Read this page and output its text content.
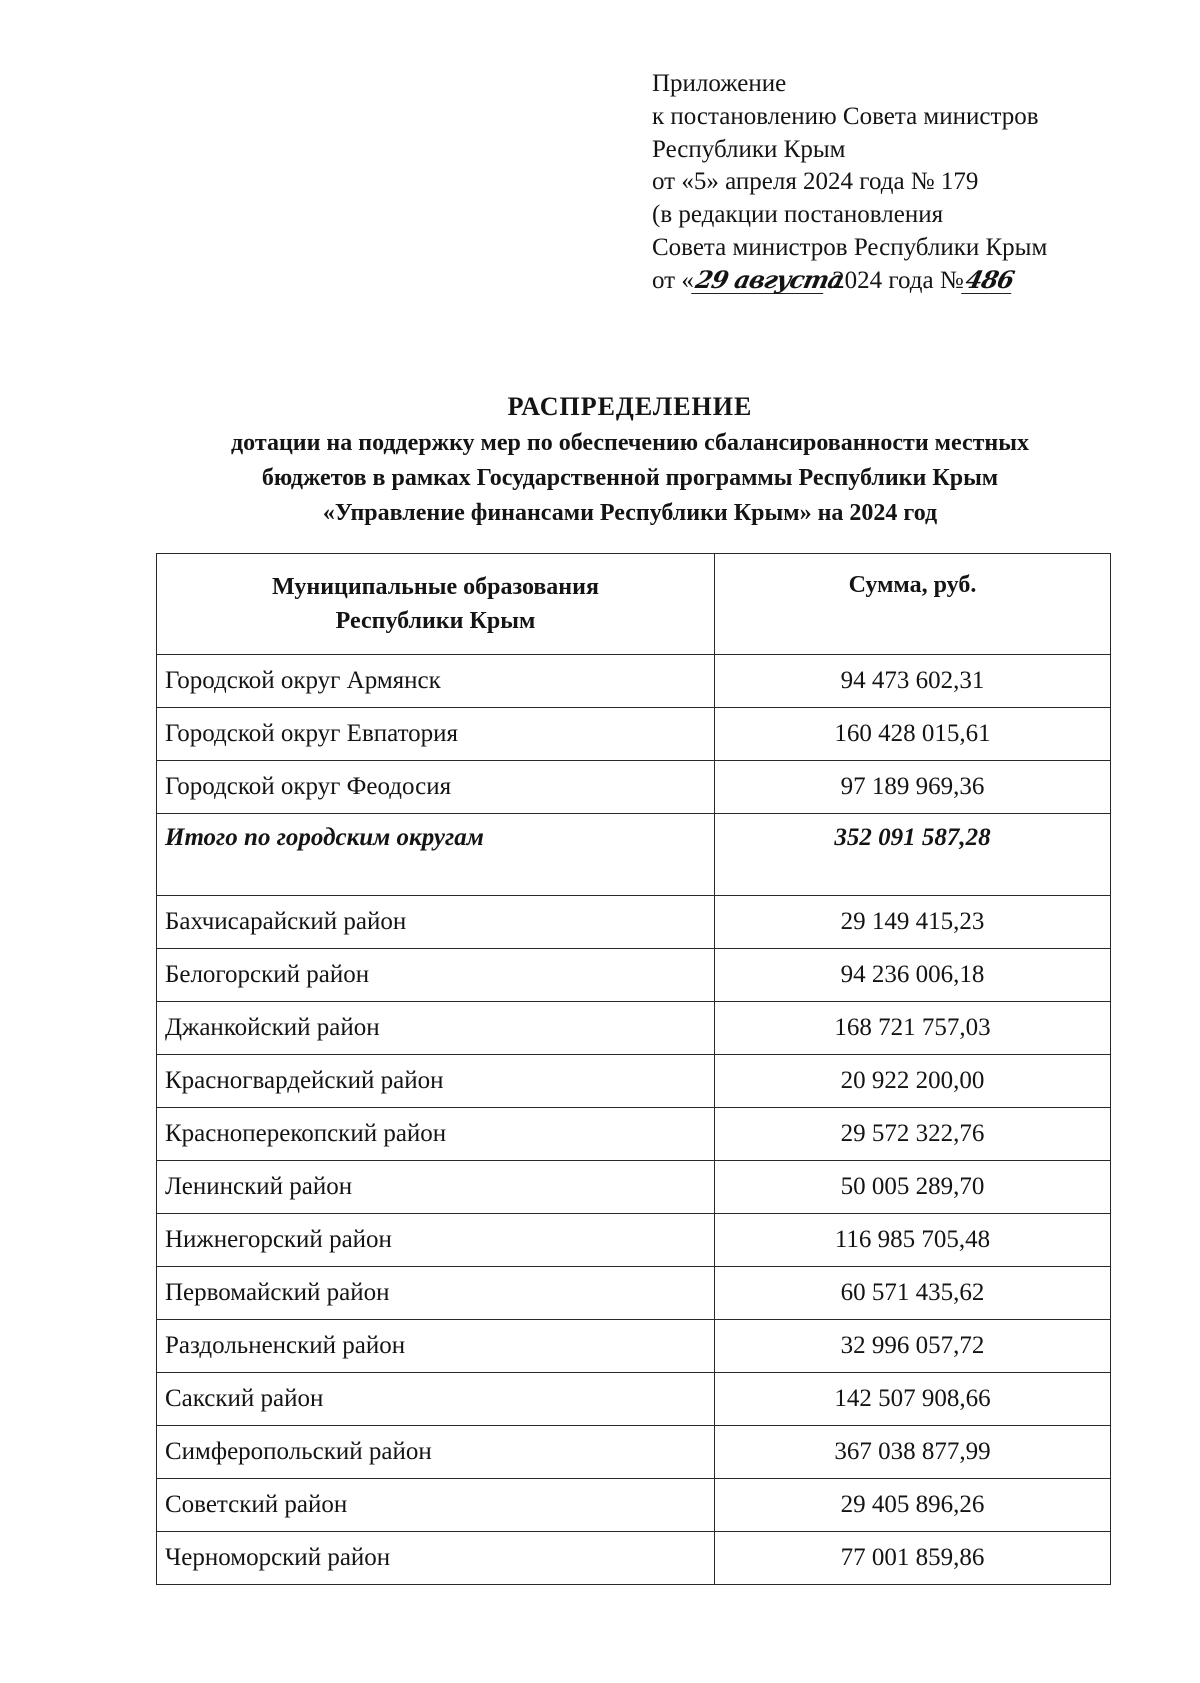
Приложение
к постановлению Совета министров
Республики Крым
от «5» апреля 2024 года № 179
(в редакции постановления
Совета министров Республики Крым
от «29 августа 2024 года №486
РАСПРЕДЕЛЕНИЕ
дотации на поддержку мер по обеспечению сбалансированности местных
бюджетов в рамках Государственной программы Республики Крым
«Управление финансами Республики Крым» на 2024 год
Муниципальные образования
Республики Крым	Сумма, руб.
Городской округ Армянск	94 473 602,31
Городской округ Евпатория	160 428 015,61
Городской округ Феодосия	97 189 969,36
Итого по городским округам	352 091 587,28
Бахчисарайский район	29 149 415,23
Белогорский район	94 236 006,18
Джанкойский район	168 721 757,03
Красногвардейский район	20 922 200,00
Красноперекопский район	29 572 322,76
Ленинский район	50 005 289,70
Нижнегорский район	116 985 705,48
Первомайский район	60 571 435,62
Раздольненский район	32 996 057,72
Сакский район	142 507 908,66
Симферопольский район	367 038 877,99
Советский район	29 405 896,26
Черноморский район	77 001 859,86
